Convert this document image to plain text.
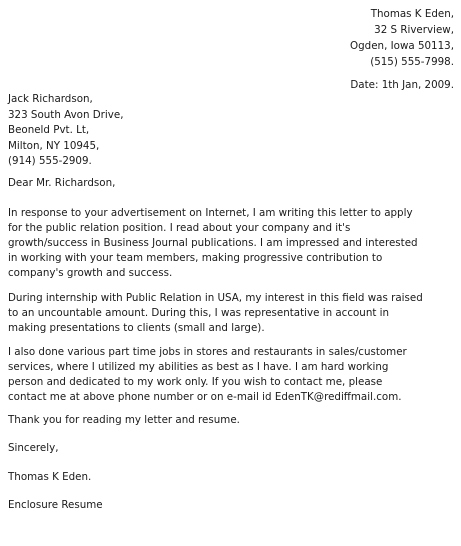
Thomas K Eden,
32 S Riverview,
Ogden, Iowa 50113,
(515) 555-7998.
Date: 1th Jan, 2009.
Jack Richardson,
323 South Avon Drive,
Beoneld Pvt. Lt,
Milton, NY 10945,
(914) 555-2909.
Dear Mr. Richardson,
In response to your advertisement on Internet, I am writing this letter to apply
for the public relation position. I read about your company and it's
growth/success in Business Journal publications. I am impressed and interested
in working with your team members, making progressive contribution to
company's growth and success.
During internship with Public Relation in USA, my interest in this field was raised
to an uncountable amount. During this, I was representative in account in
making presentations to clients (small and large).
I also done various part time jobs in stores and restaurants in sales/customer
services, where I utilized my abilities as best as I have. I am hard working
person and dedicated to my work only. If you wish to contact me, please
contact me at above phone number or on e-mail id EdenTK@rediffmail.com.
Thank you for reading my letter and resume.
Sincerely,
Thomas K Eden.
Enclosure Resume
